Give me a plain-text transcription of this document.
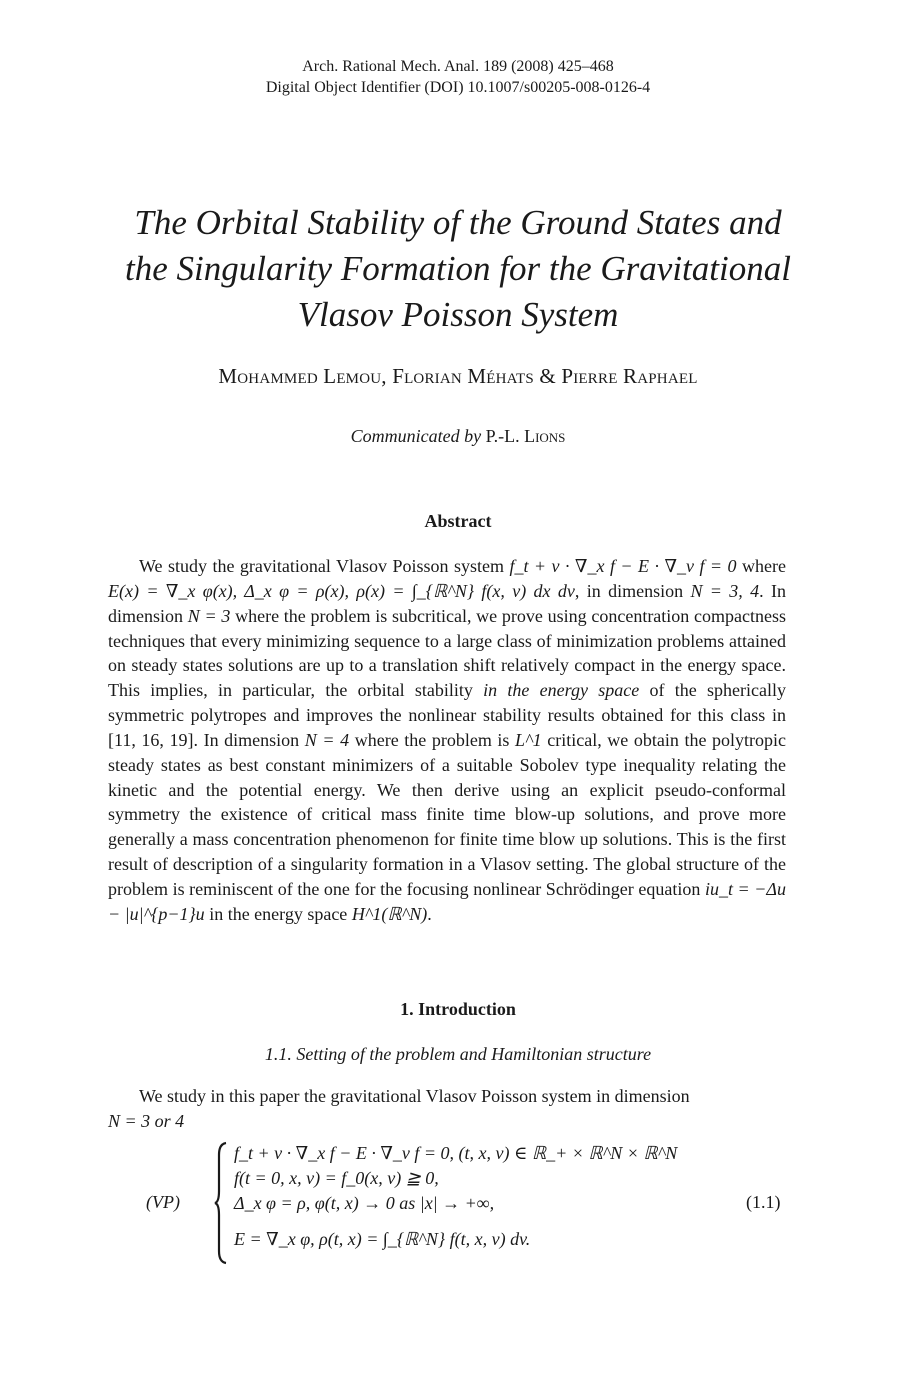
Arch. Rational Mech. Anal. 189 (2008) 425–468
Digital Object Identifier (DOI) 10.1007/s00205-008-0126-4
The Orbital Stability of the Ground States and
the Singularity Formation for the Gravitational
Vlasov Poisson System
Mohammed Lemou, Florian Méhats & Pierre Raphael
Communicated by P.-L. Lions
Abstract

We study the gravitational Vlasov Poisson system f_t + v · ∇_x f − E · ∇_v f = 0 where E(x) = ∇_x φ(x), Δ_x φ = ρ(x), ρ(x) = ∫_{ℝ^N} f(x, v) dx dv, in dimension N = 3, 4. In dimension N = 3 where the problem is subcritical, we prove using concentration compactness techniques that every minimizing sequence to a large class of minimization problems attained on steady states solutions are up to a translation shift relatively compact in the energy space. This implies, in particular, the orbital stability in the energy space of the spherically symmetric polytropes and improves the nonlinear stability results obtained for this class in [11, 16, 19]. In dimension N = 4 where the problem is L^1 critical, we obtain the polytropic steady states as best constant minimizers of a suitable Sobolev type inequality relating the kinetic and the potential energy. We then derive using an explicit pseudo-conformal symmetry the existence of critical mass finite time blow-up solutions, and prove more generally a mass concentration phenomenon for finite time blow up solutions. This is the first result of description of a singularity formation in a Vlasov setting. The global structure of the problem is reminiscent of the one for the focusing nonlinear Schrödinger equation iu_t = −Δu − |u|^{p−1}u in the energy space H^1(ℝ^N).

1. Introduction
1.1. Setting of the problem and Hamiltonian structure

We study in this paper the gravitational Vlasov Poisson system in dimension

N = 3 or 4
(VP)
f_t + v · ∇_x f − E · ∇_v f = 0, (t, x, v) ∈ ℝ_+ × ℝ^N × ℝ^N
f(t = 0, x, v) = f_0(x, v) ≧ 0,
Δ_x φ = ρ, φ(t, x) → 0 as |x| → +∞,
E = ∇_x φ, ρ(t, x) = ∫_{ℝ^N} f(t, x, v) dv.
(1.1)
